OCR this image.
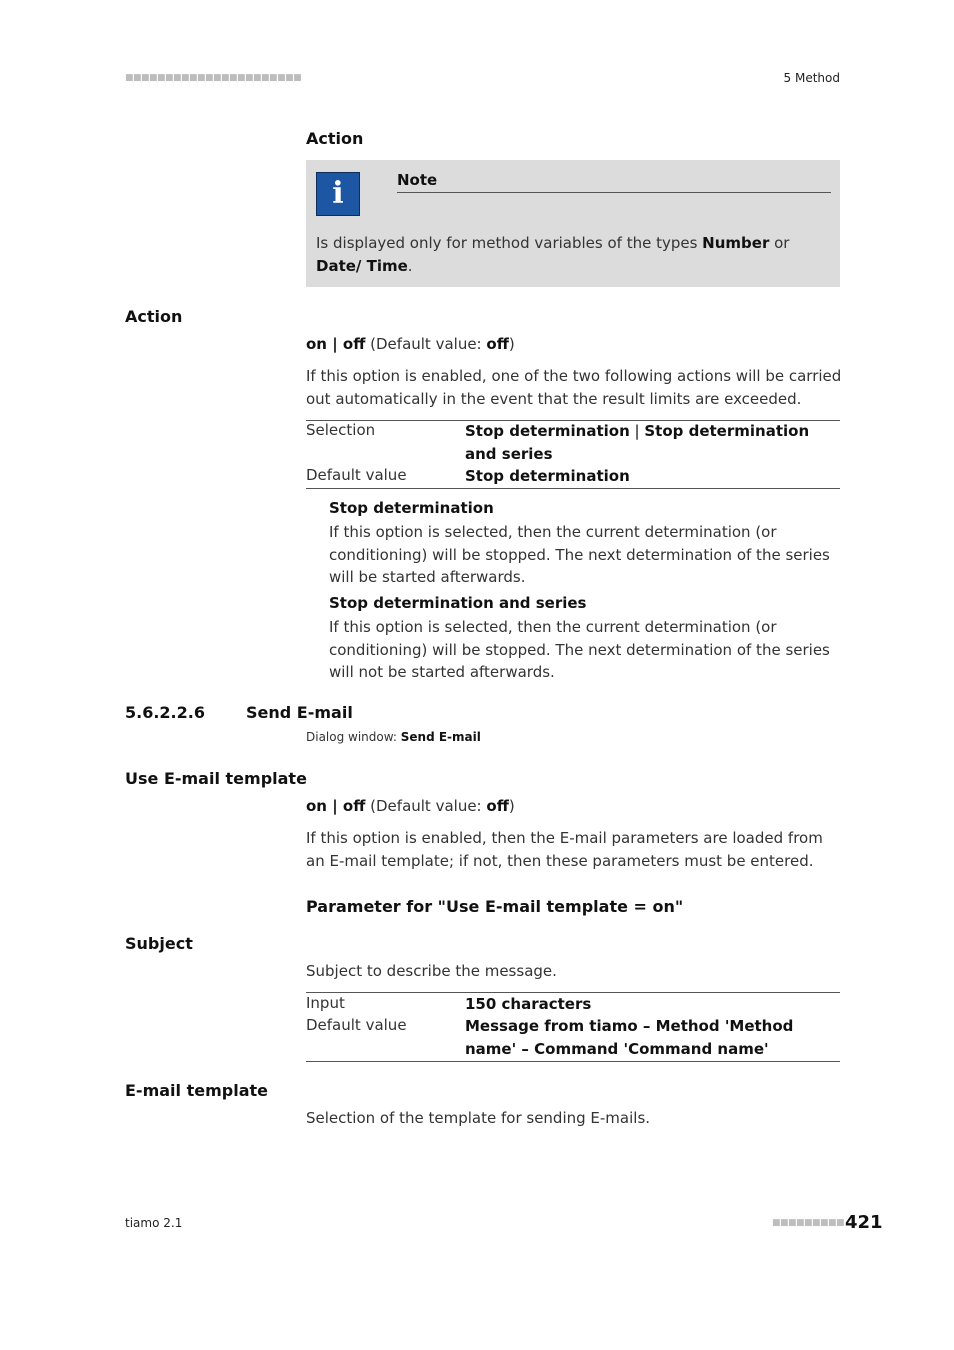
■■■■■■■■■■■■■■■■■■■■■■	5 Method
Action
i	Note
Is displayed only for method variables of the types Number or Date/ Time.
Action
on | off (Default value: off)
If this option is enabled, one of the two following actions will be carried out automatically in the event that the result limits are exceeded.
Selection	Stop determination | Stop determination and series
Default value	Stop determination
Stop determination
If this option is selected, then the current determination (or conditioning) will be stopped. The next determination of the series will be started afterwards.
Stop determination and series
If this option is selected, then the current determination (or conditioning) will be stopped. The next determination of the series will not be started afterwards.
5.6.2.2.6	Send E-mail
Dialog window: Send E-mail
Use E-mail template
on | off (Default value: off)
If this option is enabled, then the E-mail parameters are loaded from an E-mail template; if not, then these parameters must be entered.
Parameter for "Use E-mail template = on"
Subject
Subject to describe the message.
Input	150 characters
Default value	Message from tiamo – Method 'Method name' – Command 'Command name'
E-mail template
Selection of the template for sending E-mails.
tiamo 2.1	■■■■■■■■■ 421
